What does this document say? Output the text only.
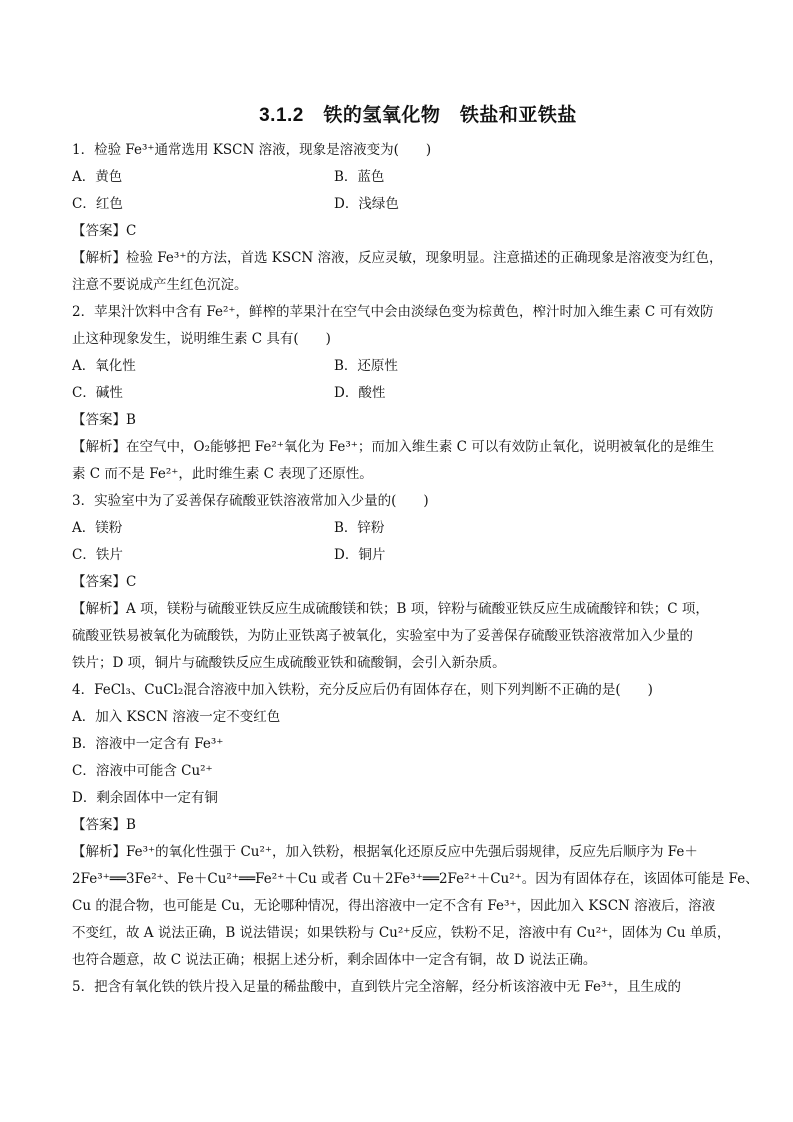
3.1.2　铁的氢氧化物　铁盐和亚铁盐
1．检验 Fe³⁺通常选用 KSCN 溶液，现象是溶液变为(　　)
A．黄色	B．蓝色
C．红色	D．浅绿色
【答案】C
【解析】检验 Fe³⁺的方法，首选 KSCN 溶液，反应灵敏，现象明显。注意描述的正确现象是溶液变为红色，
注意不要说成产生红色沉淀。
2．苹果汁饮料中含有 Fe²⁺，鲜榨的苹果汁在空气中会由淡绿色变为棕黄色，榨汁时加入维生素 C 可有效防
止这种现象发生，说明维生素 C 具有(　　)
A．氧化性	B．还原性
C．碱性	D．酸性
【答案】B
【解析】在空气中，O₂能够把 Fe²⁺氧化为 Fe³⁺；而加入维生素 C 可以有效防止氧化，说明被氧化的是维生
素 C 而不是 Fe²⁺，此时维生素 C 表现了还原性。
3．实验室中为了妥善保存硫酸亚铁溶液常加入少量的(　　)
A．镁粉	B．锌粉
C．铁片	D．铜片
【答案】C
【解析】A 项，镁粉与硫酸亚铁反应生成硫酸镁和铁；B 项，锌粉与硫酸亚铁反应生成硫酸锌和铁；C 项，
硫酸亚铁易被氧化为硫酸铁，为防止亚铁离子被氧化，实验室中为了妥善保存硫酸亚铁溶液常加入少量的
铁片；D 项，铜片与硫酸铁反应生成硫酸亚铁和硫酸铜，会引入新杂质。
4．FeCl₃、CuCl₂混合溶液中加入铁粉，充分反应后仍有固体存在，则下列判断不正确的是(　　)
A．加入 KSCN 溶液一定不变红色
B．溶液中一定含有 Fe³⁺
C．溶液中可能含 Cu²⁺
D．剩余固体中一定有铜
【答案】B
【解析】Fe³⁺的氧化性强于 Cu²⁺，加入铁粉，根据氧化还原反应中先强后弱规律，反应先后顺序为 Fe＋
2Fe³⁺══3Fe²⁺、Fe＋Cu²⁺══Fe²⁺＋Cu 或者 Cu＋2Fe³⁺══2Fe²⁺＋Cu²⁺。因为有固体存在，该固体可能是 Fe、
Cu 的混合物，也可能是 Cu，无论哪种情况，得出溶液中一定不含有 Fe³⁺，因此加入 KSCN 溶液后，溶液
不变红，故 A 说法正确，B 说法错误；如果铁粉与 Cu²⁺反应，铁粉不足，溶液中有 Cu²⁺，固体为 Cu 单质，
也符合题意，故 C 说法正确；根据上述分析，剩余固体中一定含有铜，故 D 说法正确。
5．把含有氧化铁的铁片投入足量的稀盐酸中，直到铁片完全溶解，经分析该溶液中无 Fe³⁺，且生成的
